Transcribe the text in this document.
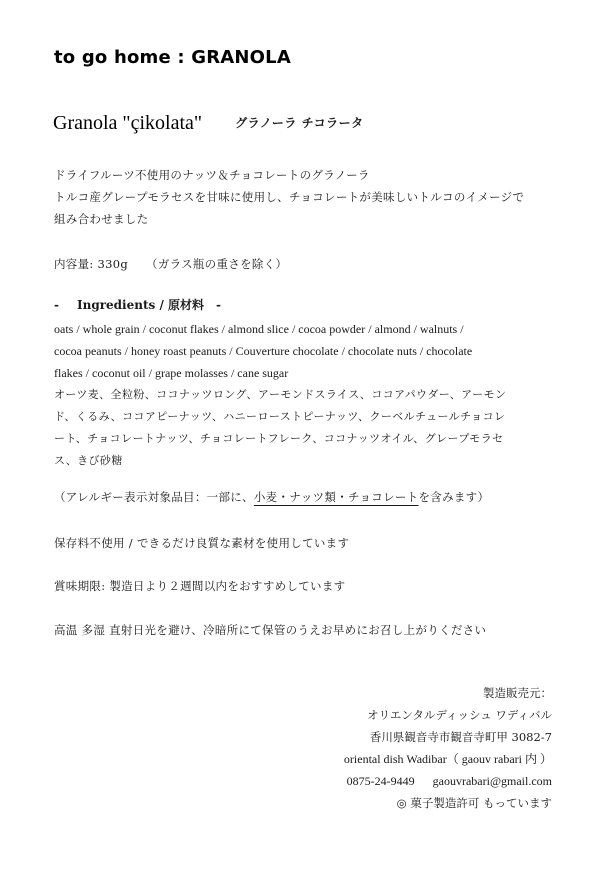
to go home : GRANOLA
Granola "çikolata"	グラノーラ チコラータ
ドライフルーツ不使用のナッツ＆チョコレートのグラノーラ
トルコ産グレープモラセスを甘味に使用し、チョコレートが美味しいトルコのイメージで
組み合わせました
内容量: 330g （ガラス瓶の重さを除く）
- Ingredients / 原材料 -
oats / whole grain / coconut flakes / almond slice / cocoa powder / almond / walnuts /
cocoa peanuts / honey roast peanuts / Couverture chocolate / chocolate nuts / chocolate
flakes / coconut oil / grape molasses / cane sugar
オーツ麦、全粒粉、ココナッツロング、アーモンドスライス、ココアパウダー、アーモン
ド、くるみ、ココアピーナッツ、ハニーローストピーナッツ、クーベルチュールチョコレ
ート、チョコレートナッツ、チョコレートフレーク、ココナッツオイル、グレープモラセ
ス、きび砂糖
（アレルギー表示対象品目：一部に、小麦・ナッツ類・チョコレートを含みます）
保存料不使用 / できるだけ良質な素材を使用しています
賞味期限: 製造日より２週間以内をおすすめしています
高温 多湿 直射日光を避け、冷暗所にて保管のうえお早めにお召し上がりください
製造販売元：
オリエンタルディッシュ ワディバル
香川県観音寺市観音寺町甲 3082-7
oriental dish Wadibar（ gaouv rabari 内 ）
0875-24-9449 gaouvrabari@gmail.com
◎ 菓子製造許可 もっています
